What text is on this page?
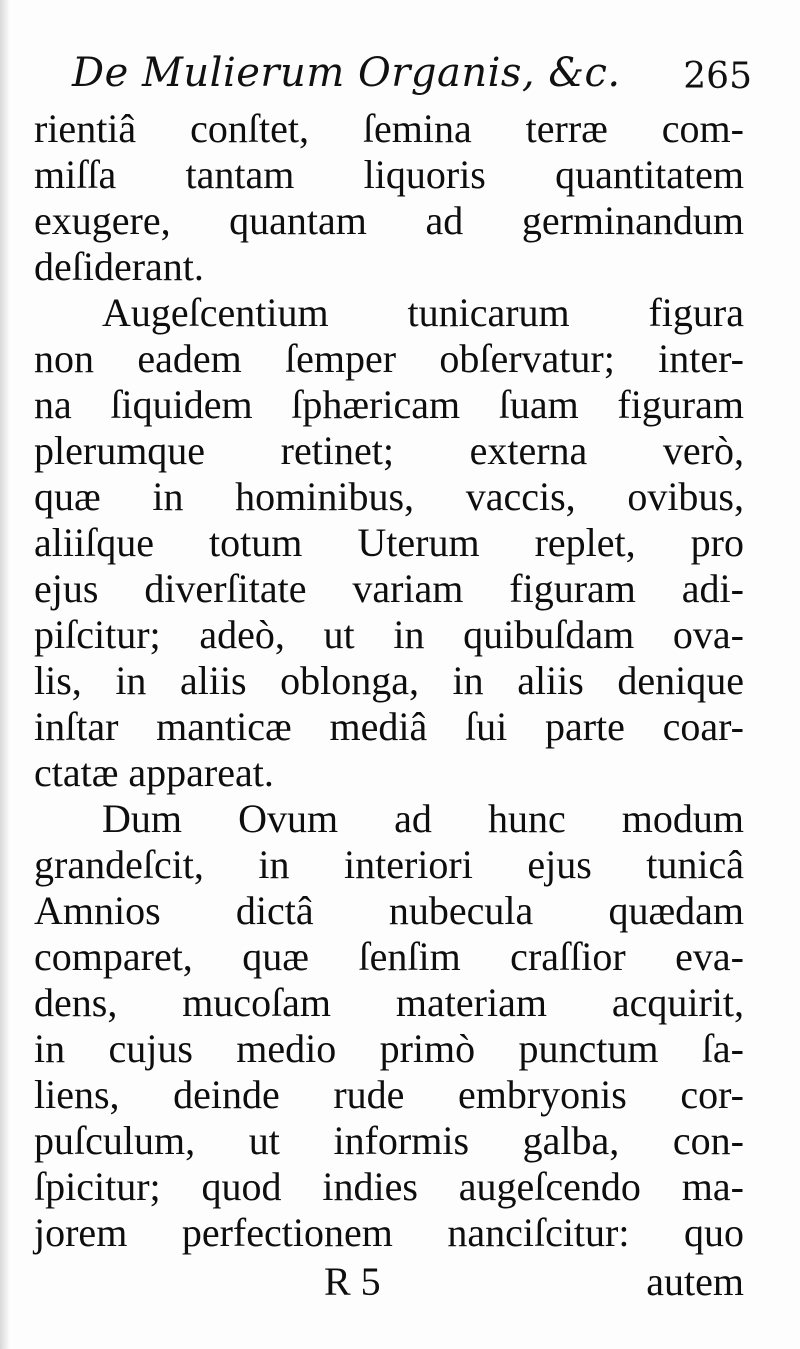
De Mulierum Organis, &c. 265
rientiâ conſtet, ſemina terræ com-
miſſa tantam liquoris quantitatem
exugere, quantam ad germinandum
deſiderant.
Augeſcentium tunicarum figura
non eadem ſemper obſervatur; inter-
na ſiquidem ſphæricam ſuam figuram
plerumque retinet; externa verò,
quæ in hominibus, vaccis, ovibus,
aliiſque totum Uterum replet, pro
ejus diverſitate variam figuram adi-
piſcitur; adeò, ut in quibuſdam ova-
lis, in aliis oblonga, in aliis denique
inſtar manticæ mediâ ſui parte coar-
ctatæ appareat.
Dum Ovum ad hunc modum
grandeſcit, in interiori ejus tunicâ
Amnios dictâ nubecula quædam
comparet, quæ ſenſim craſſior eva-
dens, mucoſam materiam acquirit,
in cujus medio primò punctum ſa-
liens, deinde rude embryonis cor-
puſculum, ut informis galba, con-
ſpicitur; quod indies augeſcendo ma-
jorem perfectionem nanciſcitur: quo
R 5	autem
